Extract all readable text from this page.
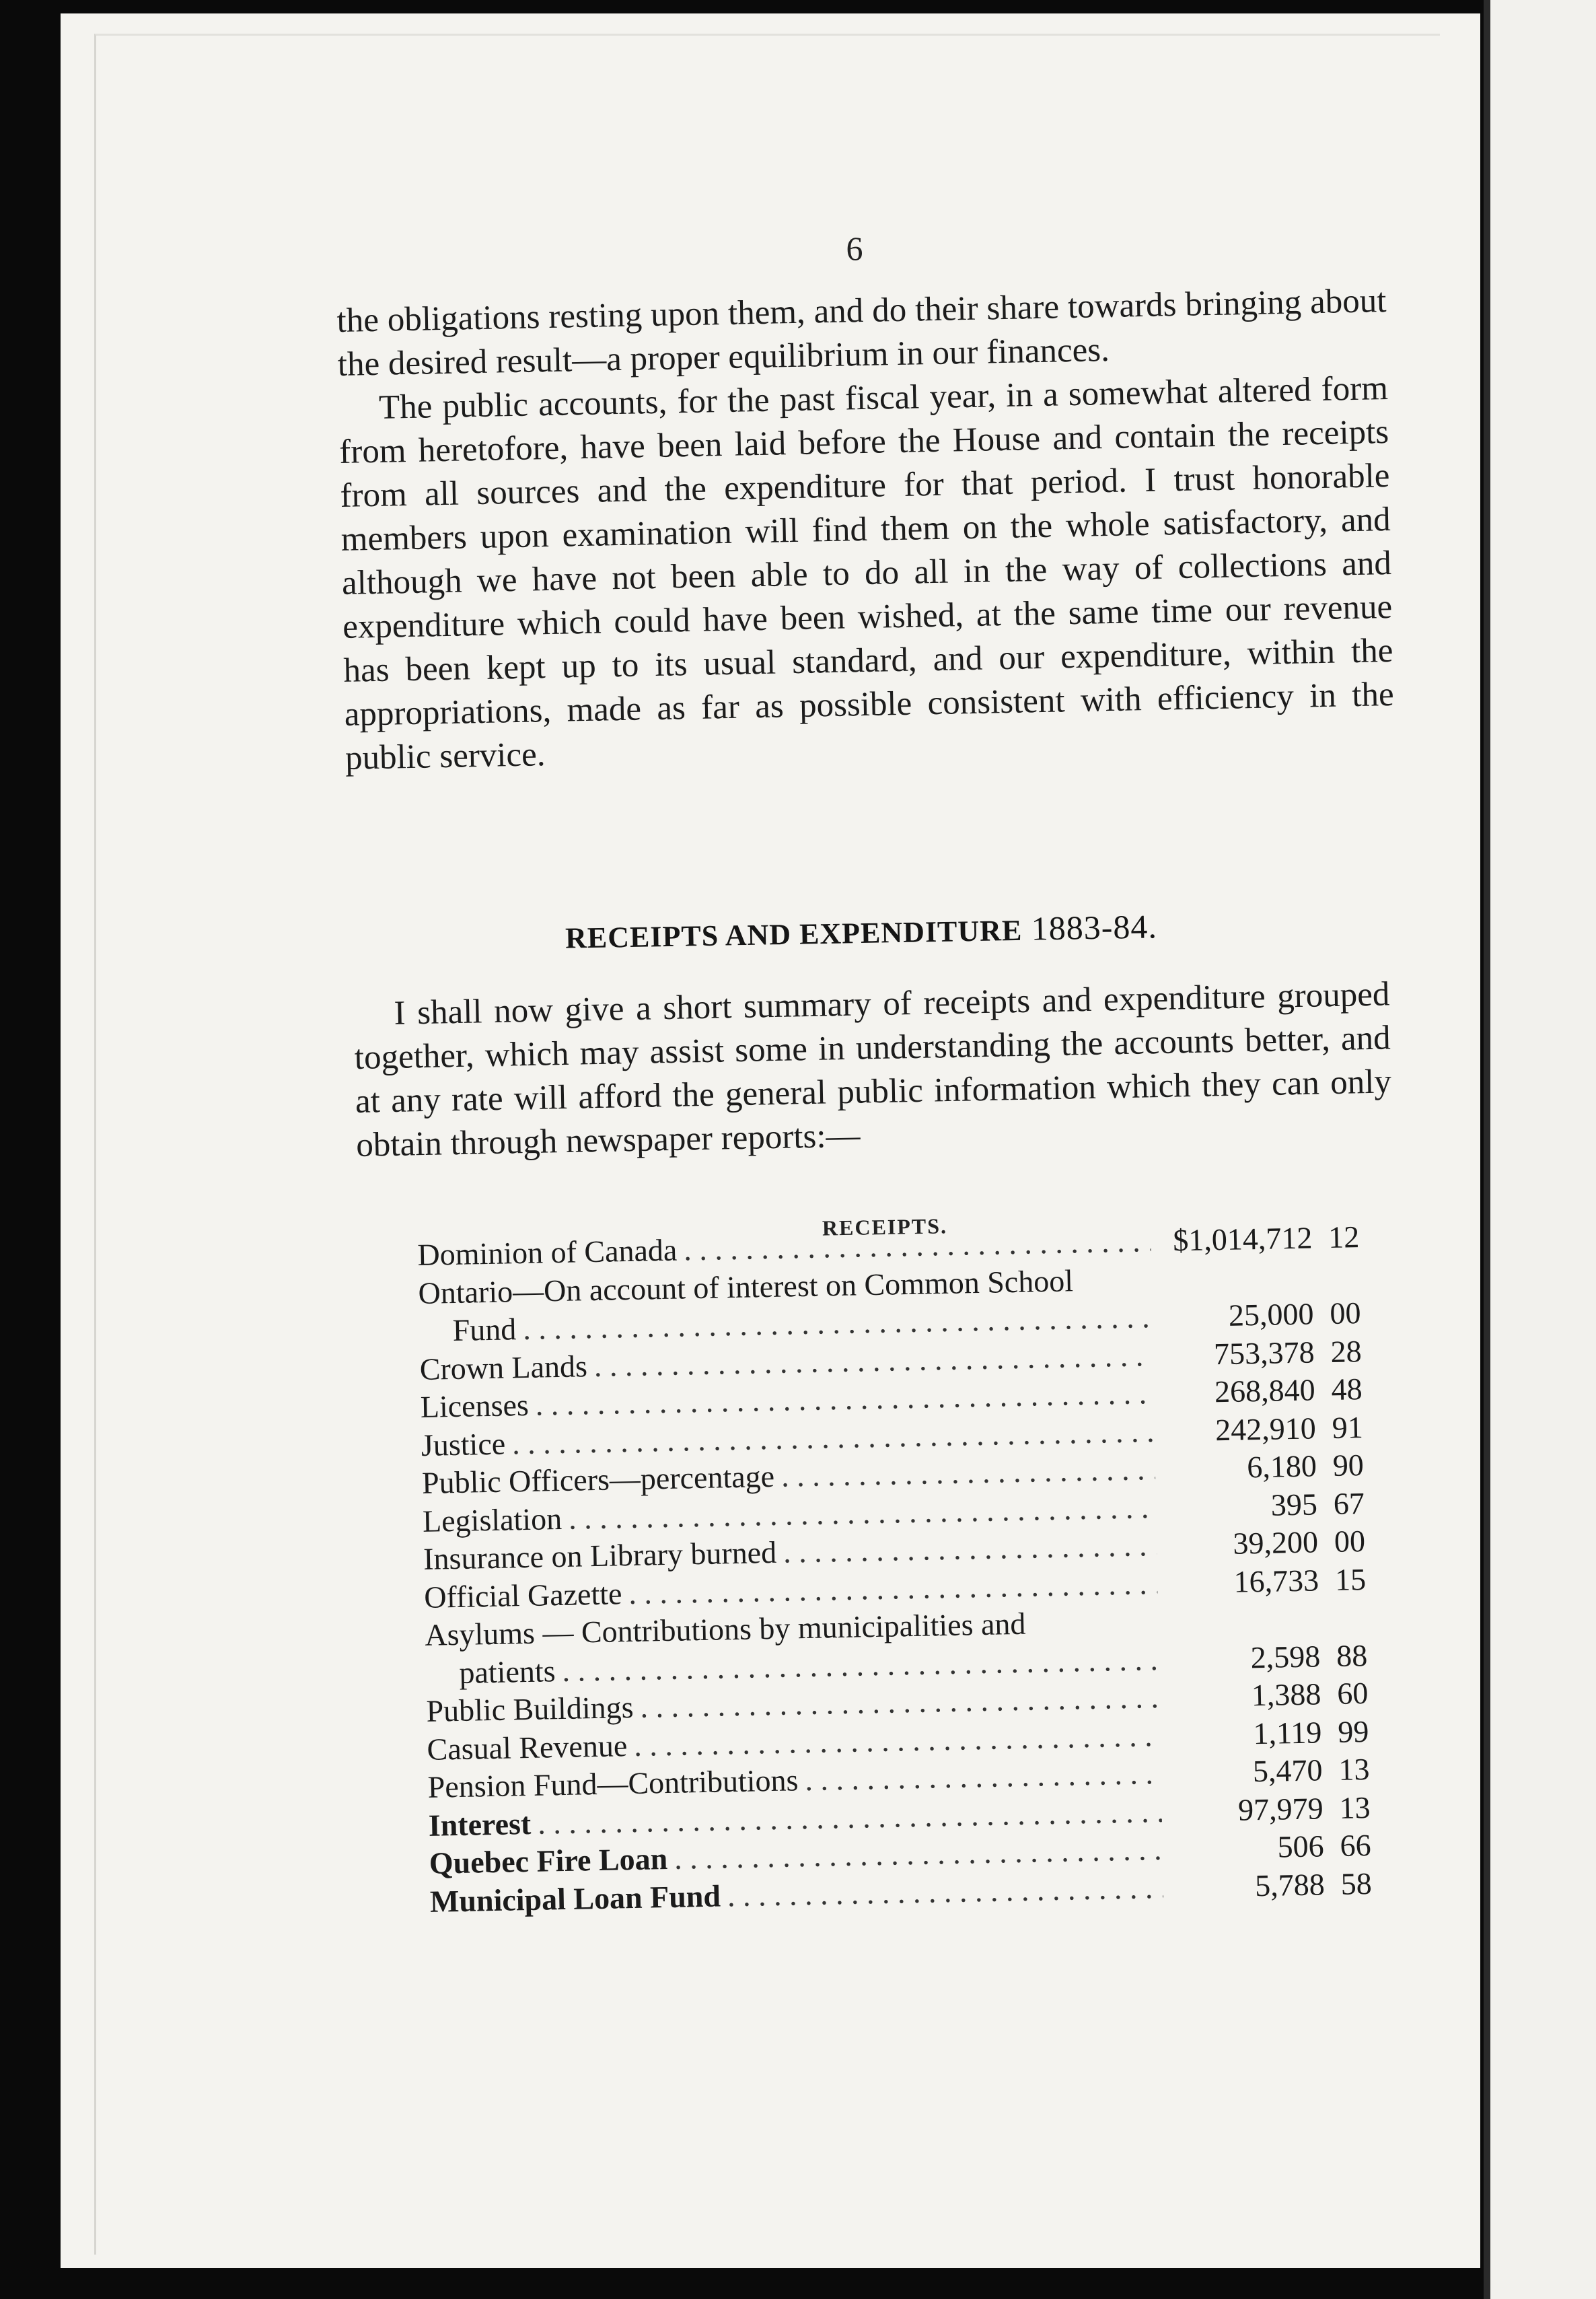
6

the obligations resting upon them, and do their share towards bringing about the desired result—a proper equilibrium in our finances.

The public accounts, for the past fiscal year, in a somewhat altered form from heretofore, have been laid before the House and contain the receipts from all sources and the expenditure for that period. I trust honorable members upon examination will find them on the whole satisfactory, and although we have not been able to do all in the way of collections and expenditure which could have been wished, at the same time our revenue has been kept up to its usual standard, and our expenditure, within the appropriations, made as far as possible consistent with efficiency in the public service.

RECEIPTS AND EXPENDITURE 1883-84.

I shall now give a short summary of receipts and expenditure grouped together, which may assist some in understanding the accounts better, and at any rate will afford the general public information which they can only obtain through newspaper reports:—

RECEIPTS.
Dominion of Canada . . .	$1,014,712 12
Ontario—On account of interest on Common School
Fund . . .	25,000 00
Crown Lands . . .	753,378 28
Licenses . . .	268,840 48
Justice . . .	242,910 91
Public Officers—percentage . . .	6,180 90
Legislation . . .	395 67
Insurance on Library burned . . .	39,200 00
Official Gazette . . .	16,733 15
Asylums — Contributions by municipalities and
patients . . .	2,598 88
Public Buildings . . .	1,388 60
Casual Revenue . . .	1,119 99
Pension Fund—Contributions . . .	5,470 13
Interest . . .	97,979 13
Quebec Fire Loan . . .	506 66
Municipal Loan Fund . . .	5,788 58
